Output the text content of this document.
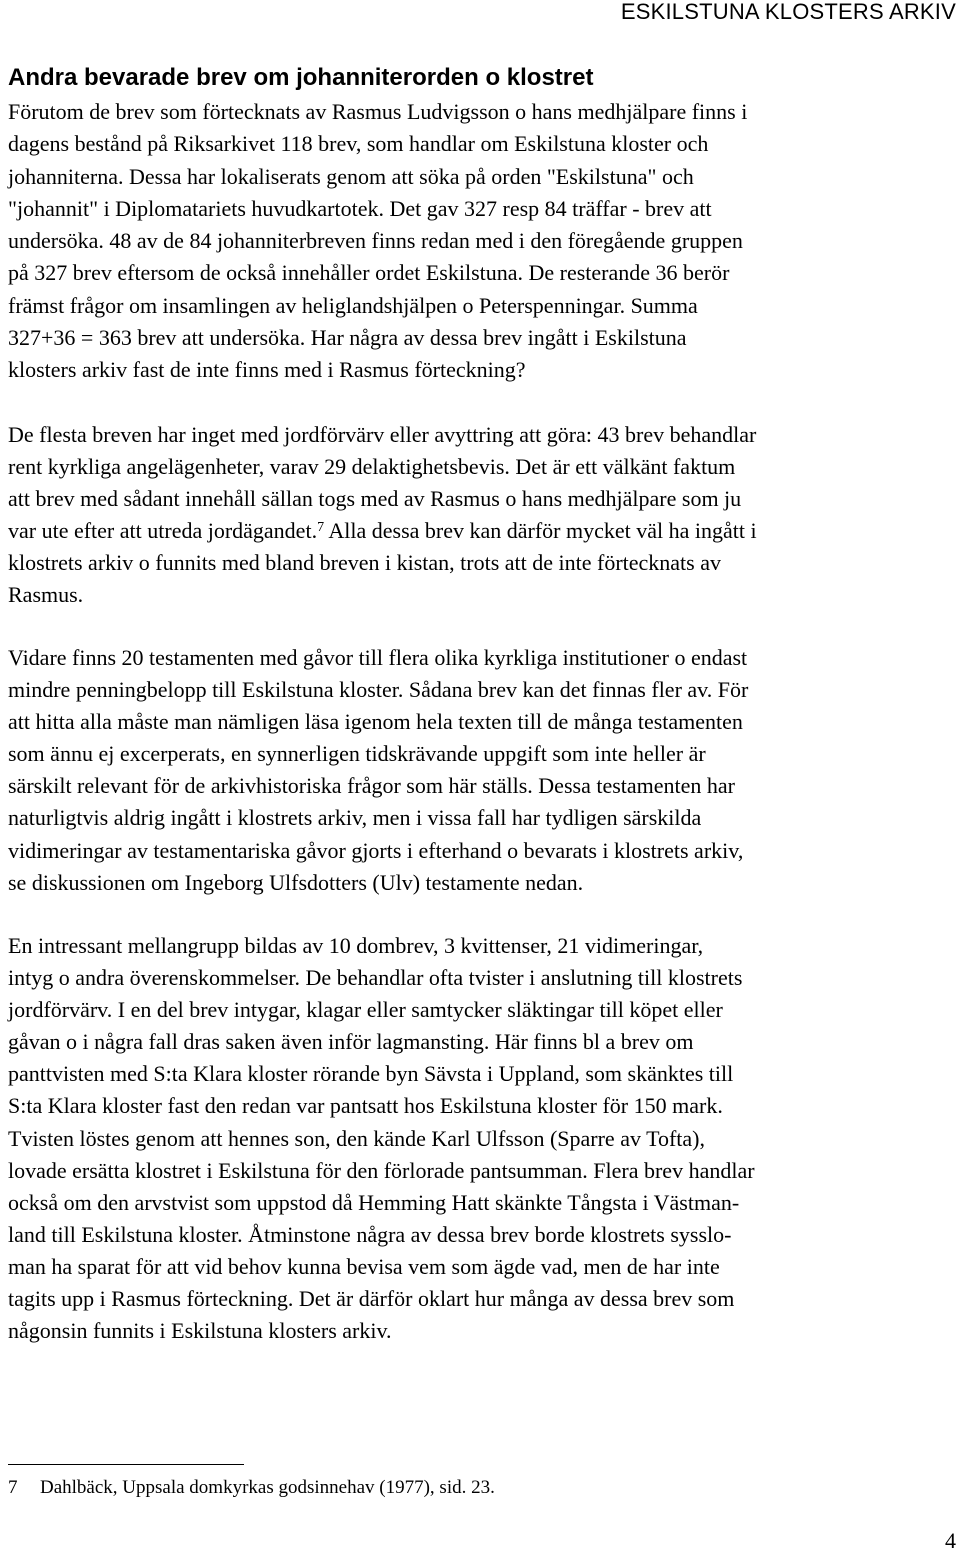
ESKILSTUNA KLOSTERS ARKIV
Andra bevarade brev om johanniterorden o klostret
Förutom de brev som förtecknats av Rasmus Ludvigsson o hans medhjälpare finns i
dagens bestånd på Riksarkivet 118 brev, som handlar om Eskilstuna kloster och
johanniterna. Dessa har lokaliserats genom att söka på orden "Eskilstuna" och
"johannit" i Diplomatariets huvudkartotek. Det gav 327 resp 84 träffar - brev att
undersöka. 48 av de 84 johanniterbreven finns redan med i den föregående gruppen
på 327 brev eftersom de också innehåller ordet Eskilstuna. De resterande 36 berör
främst frågor om insamlingen av heliglandshjälpen o Peterspenningar. Summa
327+36 = 363 brev att undersöka. Har några av dessa brev ingått i Eskilstuna
klosters arkiv fast de inte finns med i Rasmus förteckning?
De flesta breven har inget med jordförvärv eller avyttring att göra: 43 brev behandlar
rent kyrkliga angelägenheter, varav 29 delaktighetsbevis. Det är ett välkänt faktum
att brev med sådant innehåll sällan togs med av Rasmus o hans medhjälpare som ju
var ute efter att utreda jordägandet.$^7$ Alla dessa brev kan därför mycket väl ha ingått i
klostrets arkiv o funnits med bland breven i kistan, trots att de inte förtecknats av
Rasmus.
Vidare finns 20 testamenten med gåvor till flera olika kyrkliga institutioner o endast
mindre penningbelopp till Eskilstuna kloster. Sådana brev kan det finnas fler av. För
att hitta alla måste man nämligen läsa igenom hela texten till de många testamenten
som ännu ej excerperats, en synnerligen tidskrävande uppgift som inte heller är
särskilt relevant för de arkivhistoriska frågor som här ställs. Dessa testamenten har
naturligtvis aldrig ingått i klostrets arkiv, men i vissa fall har tydligen särskilda
vidimeringar av testamentariska gåvor gjorts i efterhand o bevarats i klostrets arkiv,
se diskussionen om Ingeborg Ulfsdotters (Ulv) testamente nedan.
En intressant mellangrupp bildas av 10 dombrev, 3 kvittenser, 21 vidimeringar,
intyg o andra överenskommelser. De behandlar ofta tvister i anslutning till klostrets
jordförvärv. I en del brev intygar, klagar eller samtycker släktingar till köpet eller
gåvan o i några fall dras saken även inför lagmansting. Här finns bl a brev om
panttvisten med S:ta Klara kloster rörande byn Sävsta i Uppland, som skänktes till
S:ta Klara kloster fast den redan var pantsatt hos Eskilstuna kloster för 150 mark.
Tvisten löstes genom att hennes son, den kände Karl Ulfsson (Sparre av Tofta),
lovade ersätta klostret i Eskilstuna för den förlorade pantsumman. Flera brev handlar
också om den arvstvist som uppstod då Hemming Hatt skänkte Tångsta i Västman-
land till Eskilstuna kloster. Åtminstone några av dessa brev borde klostrets sysslo-
man ha sparat för att vid behov kunna bevisa vem som ägde vad, men de har inte
tagits upp i Rasmus förteckning. Det är därför oklart hur många av dessa brev som
någonsin funnits i Eskilstuna klosters arkiv.
7 Dahlbäck, Uppsala domkyrkas godsinnehav (1977), sid. 23.
4
